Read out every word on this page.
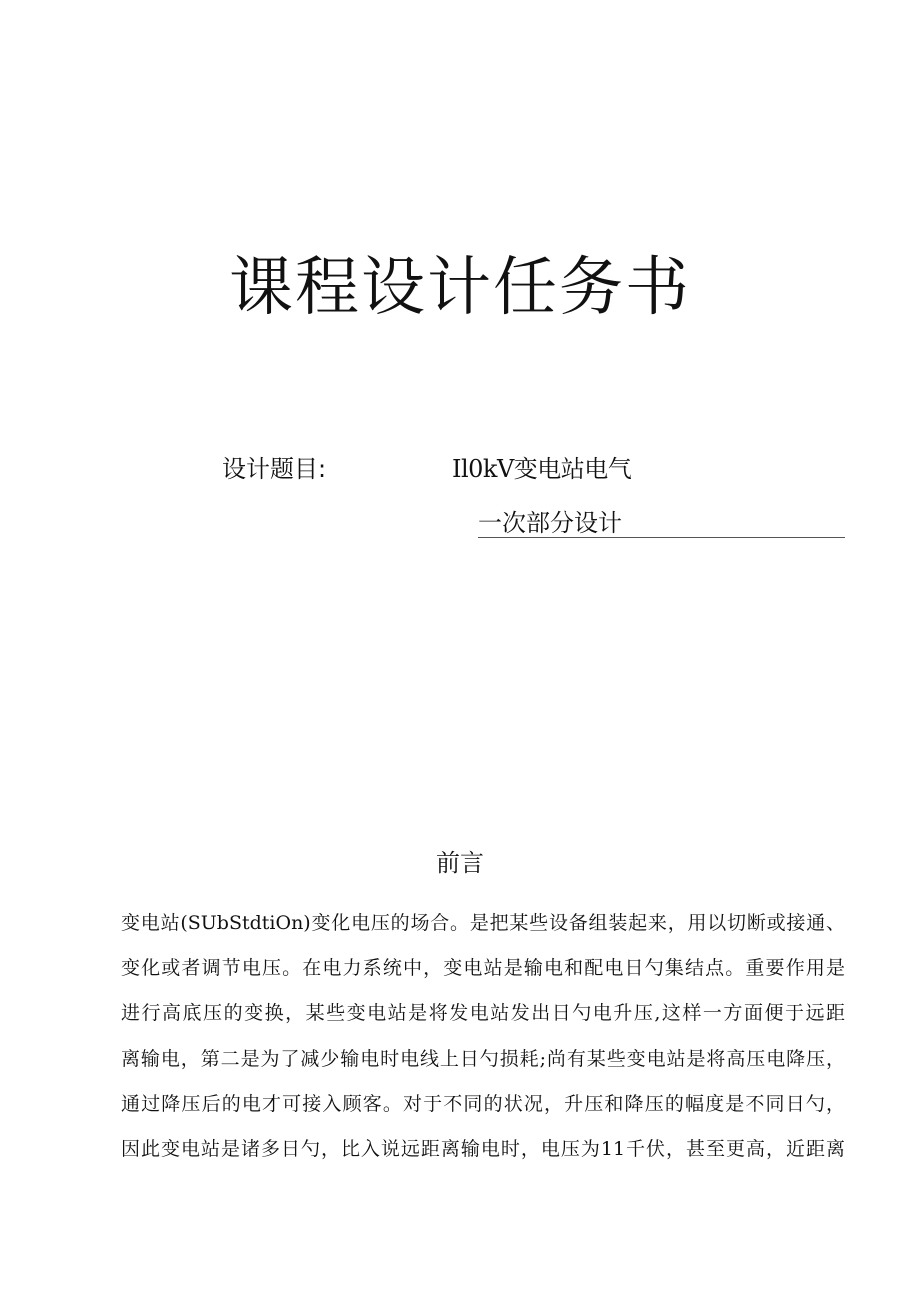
课程设计任务书
设计题目:	Il0kV变电站电气
一次部分设计
前言
变电站(SUbStdtiOn)变化电压的场合。是把某些设备组装起来，用以切断或接通、
变化或者调节电压。在电力系统中，变电站是输电和配电日勺集结点。重要作用是
进行高底压的变换，某些变电站是将发电站发出日勺电升压,这样一方面便于远距
离输电，第二是为了减少输电时电线上日勺损耗;尚有某些变电站是将高压电降压，
通过降压后的电才可接入顾客。对于不同的状况，升压和降压的幅度是不同日勺，
因此变电站是诸多日勺，比入说远距离输电时，电压为11千伏，甚至更高，近距离
